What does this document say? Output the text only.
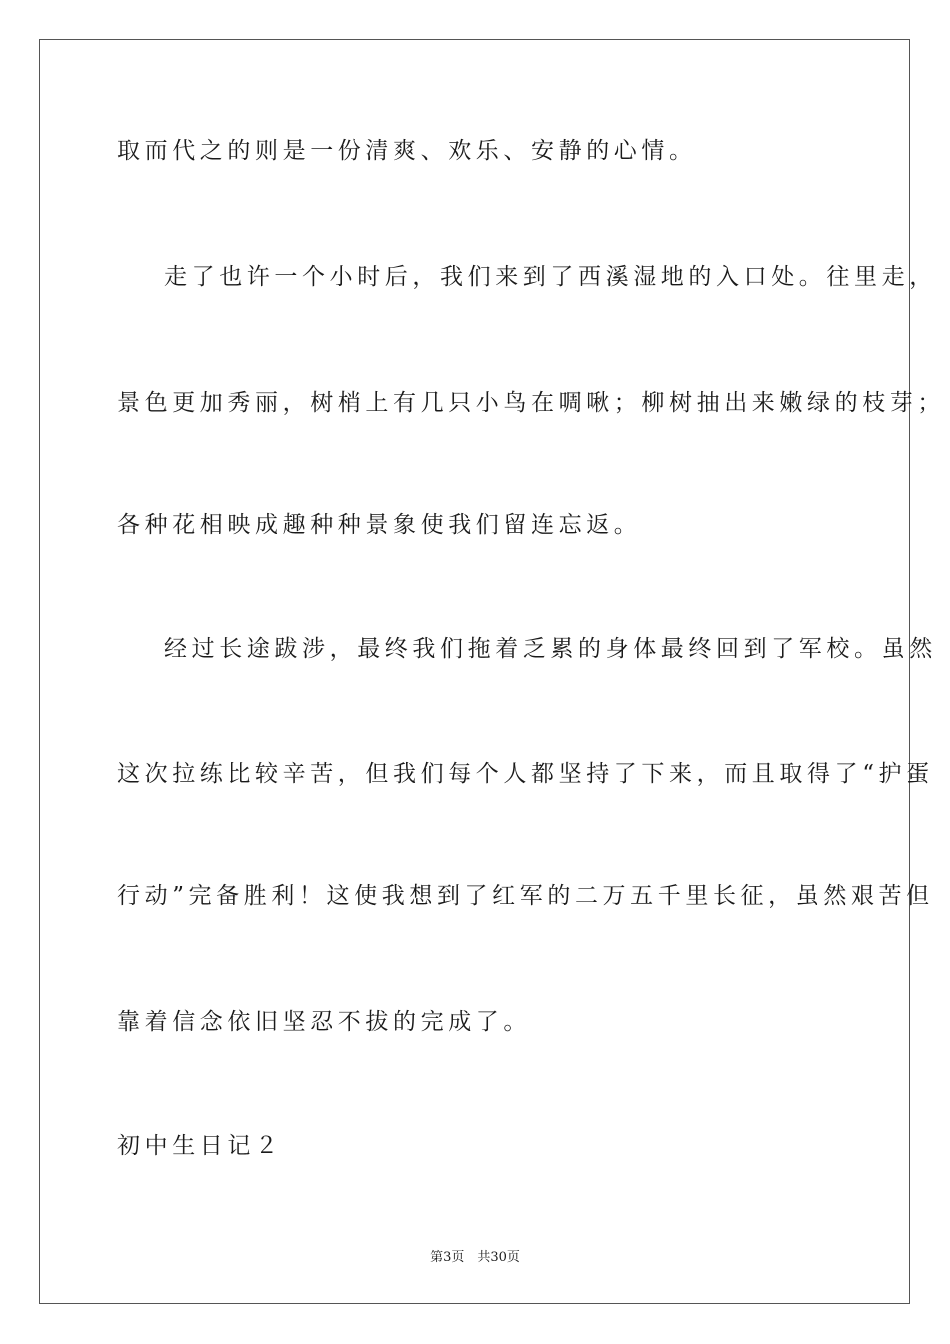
取而代之的则是一份清爽、欢乐、安静的心情。
走了也许一个小时后，我们来到了西溪湿地的入口处。往里走，
景色更加秀丽，树梢上有几只小鸟在啁啾；柳树抽出来嫩绿的枝芽；
各种花相映成趣种种景象使我们留连忘返。
经过长途跋涉，最终我们拖着乏累的身体最终回到了军校。虽然
这次拉练比较辛苦，但我们每个人都坚持了下来，而且取得了“护蛋
行动”完备胜利！这使我想到了红军的二万五千里长征，虽然艰苦但
靠着信念依旧坚忍不拔的完成了。
初中生日记２
第3页　共30页
